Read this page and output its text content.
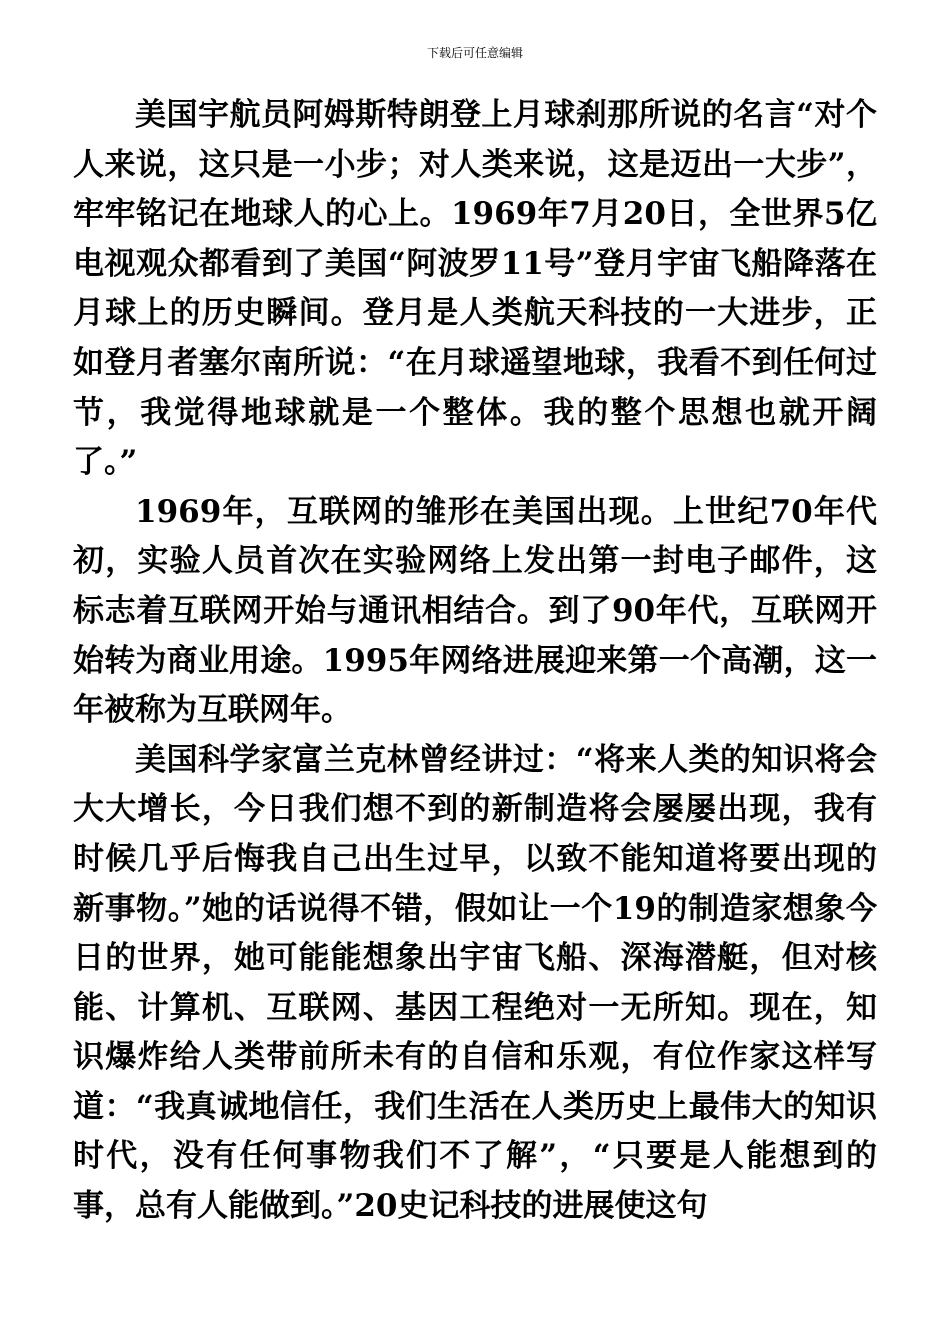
下载后可任意编辑

美国宇航员阿姆斯特朗登上月球刹那所说的名言“对个人来说，这只是一小步；对人类来说，这是迈出一大步”，牢牢铭记在地球人的心上。1969年7月20日，全世界5亿电视观众都看到了美国“阿波罗11号”登月宇宙飞船降落在月球上的历史瞬间。登月是人类航天科技的一大进步，正如登月者塞尔南所说：“在月球遥望地球，我看不到任何过节，我觉得地球就是一个整体。我的整个思想也就开阔了。”

1969年，互联网的雏形在美国出现。上世纪70年代初，实验人员首次在实验网络上发出第一封电子邮件，这标志着互联网开始与通讯相结合。到了90年代，互联网开始转为商业用途。1995年网络进展迎来第一个高潮，这一年被称为互联网年。

美国科学家富兰克林曾经讲过：“将来人类的知识将会大大增长，今日我们想不到的新制造将会屡屡出现，我有时候几乎后悔我自己出生过早，以致不能知道将要出现的新事物。”她的话说得不错，假如让一个19的制造家想象今日的世界，她可能能想象出宇宙飞船、深海潜艇，但对核能、计算机、互联网、基因工程绝对一无所知。现在，知识爆炸给人类带前所未有的自信和乐观，有位作家这样写道：“我真诚地信任，我们生活在人类历史上最伟大的知识时代，没有任何事物我们不了解”，“只要是人能想到的事，总有人能做到。”20史记科技的进展使这句
